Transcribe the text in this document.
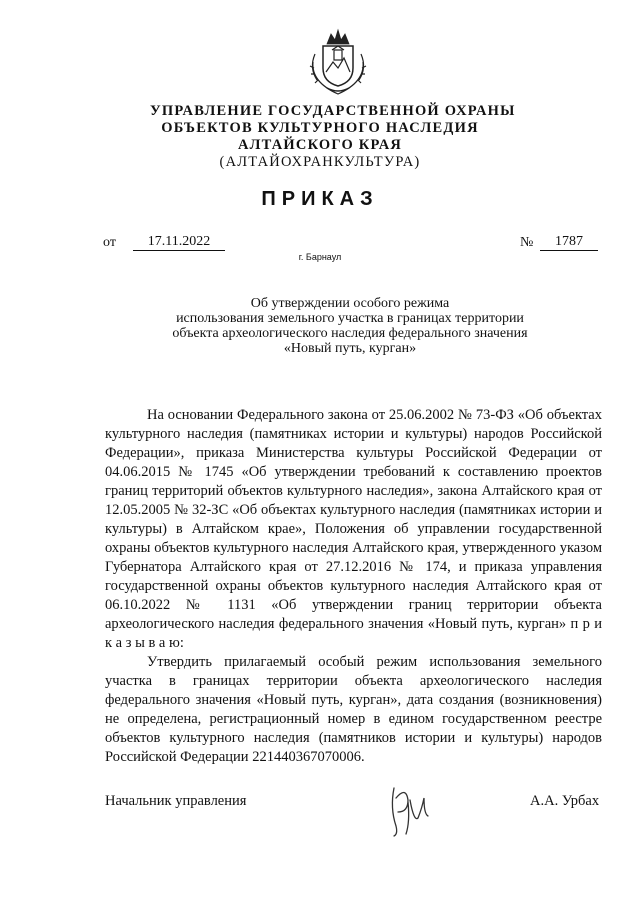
УПРАВЛЕНИЕ ГОСУДАРСТВЕННОЙ ОХРАНЫ
ОБЪЕКТОВ КУЛЬТУРНОГО НАСЛЕДИЯ
АЛТАЙСКОГО КРАЯ
(АЛТАЙОХРАНКУЛЬТУРА)
ПРИКАЗ
от	17.11.2022	№	1787
г. Барнаул
Об утверждении особого режима
использования земельного участка в границах территории
объекта археологического наследия федерального значения
«Новый путь, курган»

На основании Федерального закона от 25.06.2002 № 73-ФЗ «Об объектах культурного наследия (памятниках истории и культуры) народов Российской Федерации», приказа Министерства культуры Российской Федерации от 04.06.2015 № 1745 «Об утверждении требований к составлению проектов границ территорий объектов культурного наследия», закона Алтайского края от 12.05.2005 № 32-ЗС «Об объектах культурного наследия (памятниках истории и культуры) в Алтайском крае», Положения об управлении государственной охраны объектов культурного наследия Алтайского края, утвержденного указом Губернатора Алтайского края от 27.12.2016 № 174, и приказа управления государственной охраны объектов культурного наследия Алтайского края от 06.10.2022 № 1131 «Об утверждении границ территории объекта археологического наследия федерального значения «Новый путь, курган» п р и к а з ы в а ю:

Утвердить прилагаемый особый режим использования земельного участка в границах территории объекта археологического наследия федерального значения «Новый путь, курган», дата создания (возникновения) не определена, регистрационный номер в едином государственном реестре объектов культурного наследия (памятников истории и культуры) народов Российской Федерации 221440367070006.

Начальник управления	А.А. Урбах
